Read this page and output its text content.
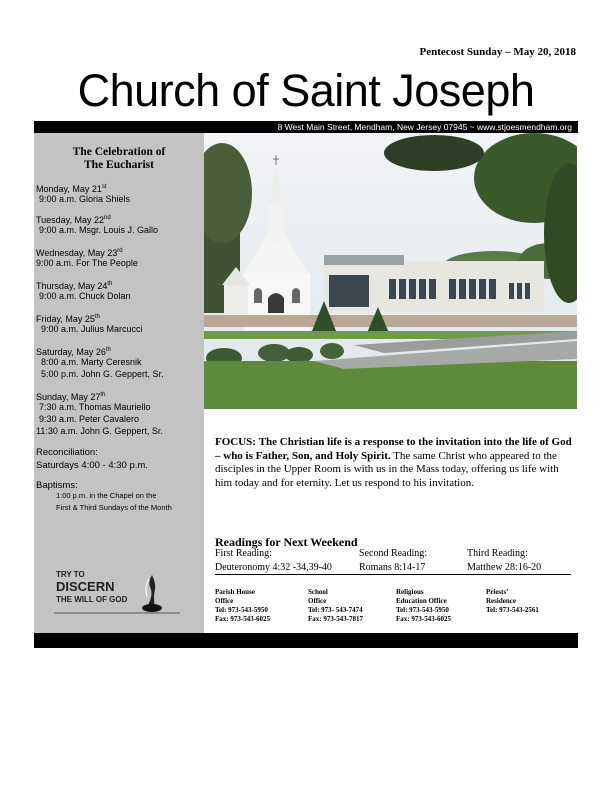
Pentecost Sunday – May 20, 2018
Church of Saint Joseph
8 West Main Street, Mendham, New Jersey 07945 ~ www.stjoesmendham.org
The Celebration of
The Eucharist
Monday, May 21st
9:00 a.m. Gloria Shiels
Tuesday, May 22nd
9:00 a.m. Msgr. Louis J. Gallo
Wednesday, May 23rd
9:00 a.m. For The People
Thursday, May 24th
9:00 a.m. Chuck Dolan
Friday, May 25th
9:00 a.m. Julius Marcucci
Saturday, May 26th
8:00 a.m. Marty Ceresnik
5:00 p.m. John G. Geppert, Sr.
Sunday, May 27th
7:30 a.m. Thomas Mauriello
9:30 a.m. Peter Cavalero
11:30 a.m. John G. Geppert, Sr.
Reconciliation:
Saturdays 4:00 - 4:30 p.m.
Baptisms:
1:00 p.m. in the Chapel on the
First & Third Sundays of the Month
TRY TO
DISCERN
THE WILL OF GOD
FOCUS: The Christian life is a response to the invitation into the life of God – who is Father, Son, and Holy Spirit. The same Christ who appeared to the disciples in the Upper Room is with us in the Mass today, offering us life with him today and for eternity. Let us respond to his invitation.
Readings for Next Weekend
First Reading:
Deuteronomy 4:32 -34,39-40
Second Reading:
Romans 8:14-17
Third Reading:
Matthew 28:16-20
Parish House
Office
Tel: 973-543-5950
Fax: 973-543-6025
School
Office
Tel: 973- 543-7474
Fax: 973-543-7817
Religious
Education Office
Tel: 973-543-5950
Fax: 973-543-6025
Priests’
Residence
Tel: 973-543-2561
